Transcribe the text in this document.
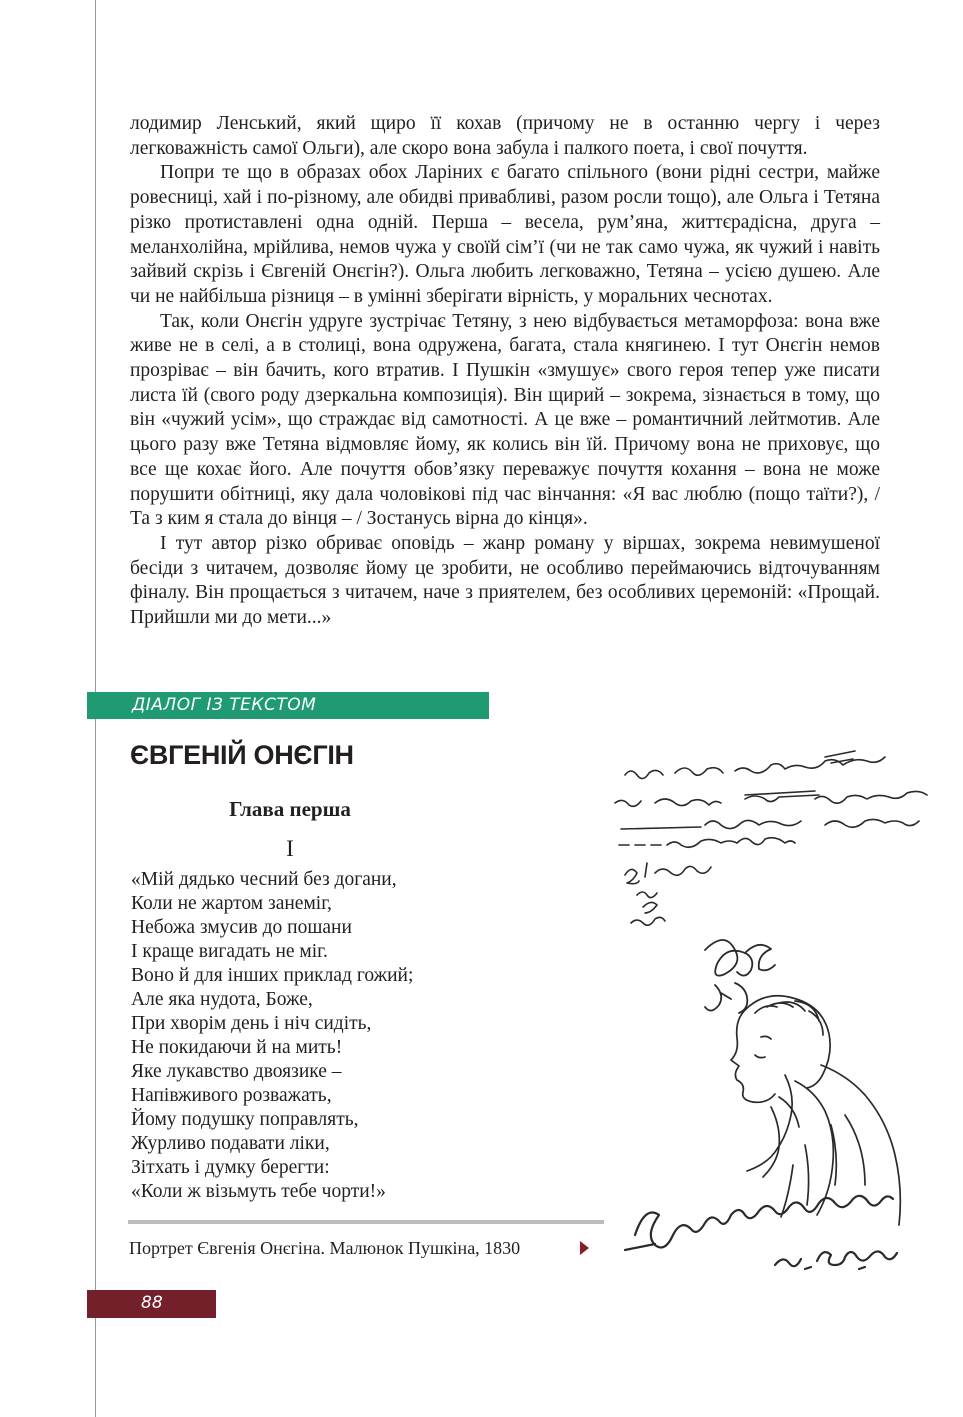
лодимир Ленський, який щиро її кохав (причому не в останню чергу і через легковажність самої Ольги), але скоро вона забула і палкого поета, і свої почуття.

Попри те що в образах обох Ларіних є багато спільного (вони рідні сестри, майже ровесниці, хай і по-різному, але обидві привабливі, разом росли тощо), але Ольга і Тетяна різко протиставлені одна одній. Перша – весела, рум’яна, життєрадісна, друга – меланхолійна, мрійлива, немов чужа у своїй сім’ї (чи не так само чужа, як чужий і навіть зайвий скрізь і Євгеній Онєгін?). Ольга любить легковажно, Тетяна – усією душею. Але чи не найбільша різниця – в умінні зберігати вірність, у моральних чеснотах.

Так, коли Онєгін удруге зустрічає Тетяну, з нею відбувається метаморфоза: вона вже живе не в селі, а в столиці, вона одружена, багата, стала княгинею. І тут Онєгін немов прозріває – він бачить, кого втратив. І Пушкін «змушує» свого героя тепер уже писати листа їй (свого роду дзеркальна композиція). Він щирий – зокрема, зізнається в тому, що він «чужий усім», що страждає від самотності. А це вже – романтичний лейтмотив. Але цього разу вже Тетяна відмовляє йому, як колись він їй. Причому вона не приховує, що все ще кохає його. Але почуття обов’язку переважує почуття кохання – вона не може порушити обітниці, яку дала чоловікові під час вінчання: «Я вас люблю (пощо таїти?), / Та з ким я стала до вінця – / Зостанусь вірна до кінця».

І тут автор різко обриває оповідь – жанр роману у віршах, зокрема невимушеної бесіди з читачем, дозволяє йому це зробити, не особливо переймаючись відточуванням фіналу. Він прощається з читачем, наче з приятелем, без особливих церемоній: «Прощай. Прийшли ми до мети...»

ДІАЛОГ ІЗ ТЕКСТОМ
ЄВГЕНІЙ ОНЄГІН
Глава перша
I
«Мій дядько чесний без догани,
Коли не жартом занеміг,
Небожа змусив до пошани
І краще вигадать не міг.
Воно й для інших приклад гожий;
Але яка нудота, Боже,
При хворім день і ніч сидіть,
Не покидаючи й на мить!
Яке лукавство двоязике –
Напівживого розважать,
Йому подушку поправлять,
Журливо подавати ліки,
Зітхать і думку берегти:
«Коли ж візьмуть тебе чорти!»

Портрет Євгенія Онєгіна. Малюнок Пушкіна, 1830

88
